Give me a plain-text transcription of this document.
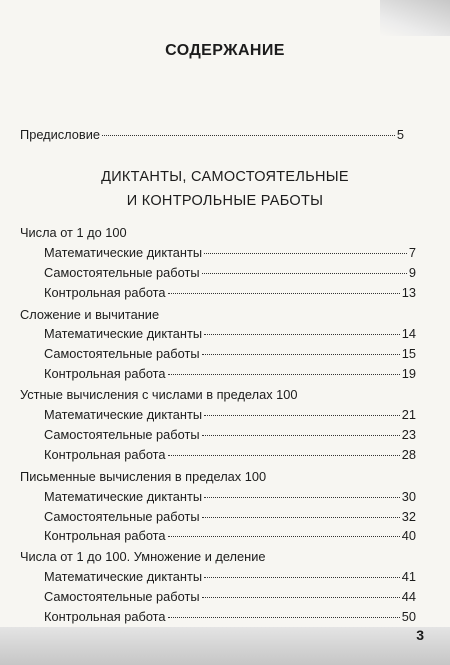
СОДЕРЖАНИЕ
Предисловие	5
ДИКТАНТЫ, САМОСТОЯТЕЛЬНЫЕ
И КОНТРОЛЬНЫЕ РАБОТЫ
Числа от 1 до 100
Математические диктанты	7
Самостоятельные работы	9
Контрольная работа	13
Сложение и вычитание
Математические диктанты	14
Самостоятельные работы	15
Контрольная работа	19
Устные вычисления с числами в пределах 100
Математические диктанты	21
Самостоятельные работы	23
Контрольная работа	28
Письменные вычисления в пределах 100
Математические диктанты	30
Самостоятельные работы	32
Контрольная работа	40
Числа от 1 до 100. Умножение и деление
Математические диктанты	41
Самостоятельные работы	44
Контрольная работа	50
3
